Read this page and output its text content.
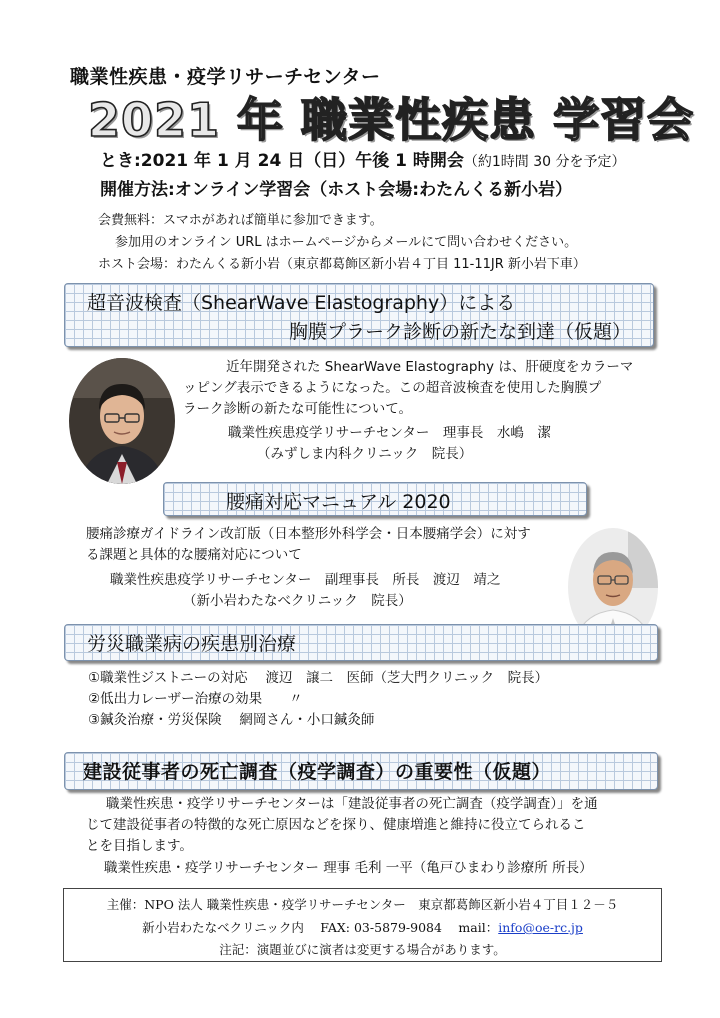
職業性疾患・疫学リサーチセンター
2021 年 職業性疾患 学習会
とき:2021 年 1 月 24 日（日）午後 1 時開会（約1時間 30 分を予定）
開催方法:オンライン学習会（ホスト会場:わたんくる新小岩）
会費無料：スマホがあれば簡単に参加できます。
参加用のオンライン URL はホームページからメールにて問い合わせください。
ホスト会場：わたんくる新小岩（東京都葛飾区新小岩４丁目 11-11JR 新小岩下車）
超音波検査（ShearWave Elastography）による
胸膜プラーク診断の新たな到達（仮題）
近年開発された ShearWave Elastography は、肝硬度をカラーマ
ッピング表示できるようになった。この超音波検査を使用した胸膜プ
ラーク診断の新たな可能性について。
職業性疾患疫学リサーチセンター　理事長　水嶋　潔
（みずしま内科クリニック　院長）
腰痛対応マニュアル 2020
腰痛診療ガイドライン改訂版（日本整形外科学会・日本腰痛学会）に対す
る課題と具体的な腰痛対応について
職業性疾患疫学リサーチセンター　副理事長　所長　渡辺　靖之
（新小岩わたなべクリニック　院長）
労災職業病の疾患別治療
①職業性ジストニーの対応　 渡辺　譲二　医師（芝大門クリニック　院長）
②低出力レーザー治療の効果　　〃
③鍼灸治療・労災保険　 網岡さん・小口鍼灸師
建設従事者の死亡調査（疫学調査）の重要性（仮題）
職業性疾患・疫学リサーチセンターは「建設従事者の死亡調査（疫学調査）」を通
じて建設従事者の特徴的な死亡原因などを探り、健康増進と維持に役立てられるこ
とを目指します。
職業性疾患・疫学リサーチセンター 理事 毛利 一平（亀戸ひまわり診療所 所長）
主催：NPO 法人 職業性疾患・疫学リサーチセンター　東京都葛飾区新小岩４丁目１２－５
新小岩わたなべクリニック内　 FAX: 03-5879-9084　 mail：info@oe-rc.jp
注記：演題並びに演者は変更する場合があります。
